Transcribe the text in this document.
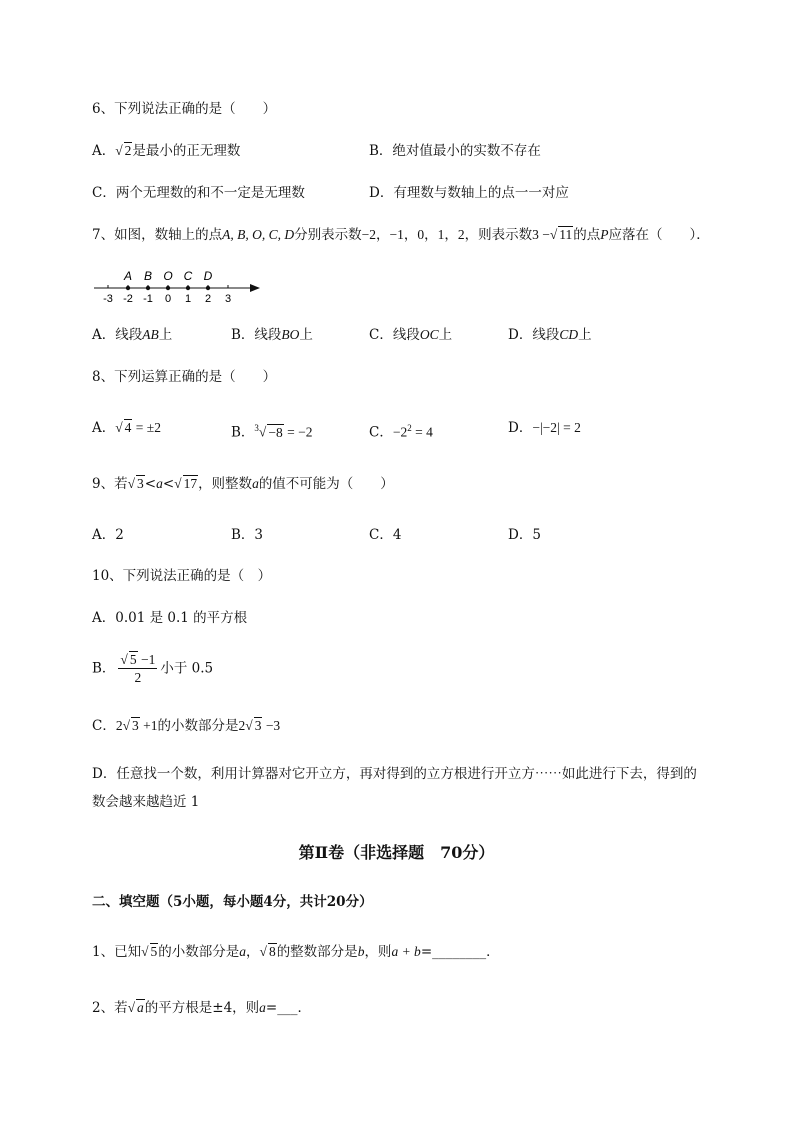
6、下列说法正确的是（　　）
A．√ 2是最小的正无理数	B．绝对值最小的实数不存在
C．两个无理数的和不一定是无理数	D．有理数与数轴上的点一一对应
7、如图，数轴上的点A, B, O, C, D分别表示数−2，−1，0，1，2，则表示数3 −√ 11的点P应落在（　　）．
-3 -2 -1 0 1 2 3
A B O C D
A．线段AB上	B．线段BO上	C．线段OC上	D．线段CD上
8、下列运算正确的是（　　）
A．√ 4 = ±2	B．$^3$√ −8 = −2	C．$-2^2 = 4$	D．−|−2| = 2
9、若√ 3<a<√ 17，则整数a的值不可能为（　　）
A．2	B．3	C．4	D．5
10、下列说法正确的是（　）
A．0.01 是 0.1 的平方根
B． $\frac{√ 5 -1}{2}$ 小于 0.5
C．2√ 3 +1的小数部分是2√ 3 −3
D．任意找一个数，利用计算器对它开立方，再对得到的立方根进行开立方⋯⋯如此进行下去，得到的
数会越来越趋近 1
第Ⅱ卷（非选择题　70分）
二、填空题（5小题，每小题4分，共计20分）
1、已知√ 5的小数部分是a，√ 8的整数部分是b，则a + b=________．
2、若√ a的平方根是±4，则a=___．
